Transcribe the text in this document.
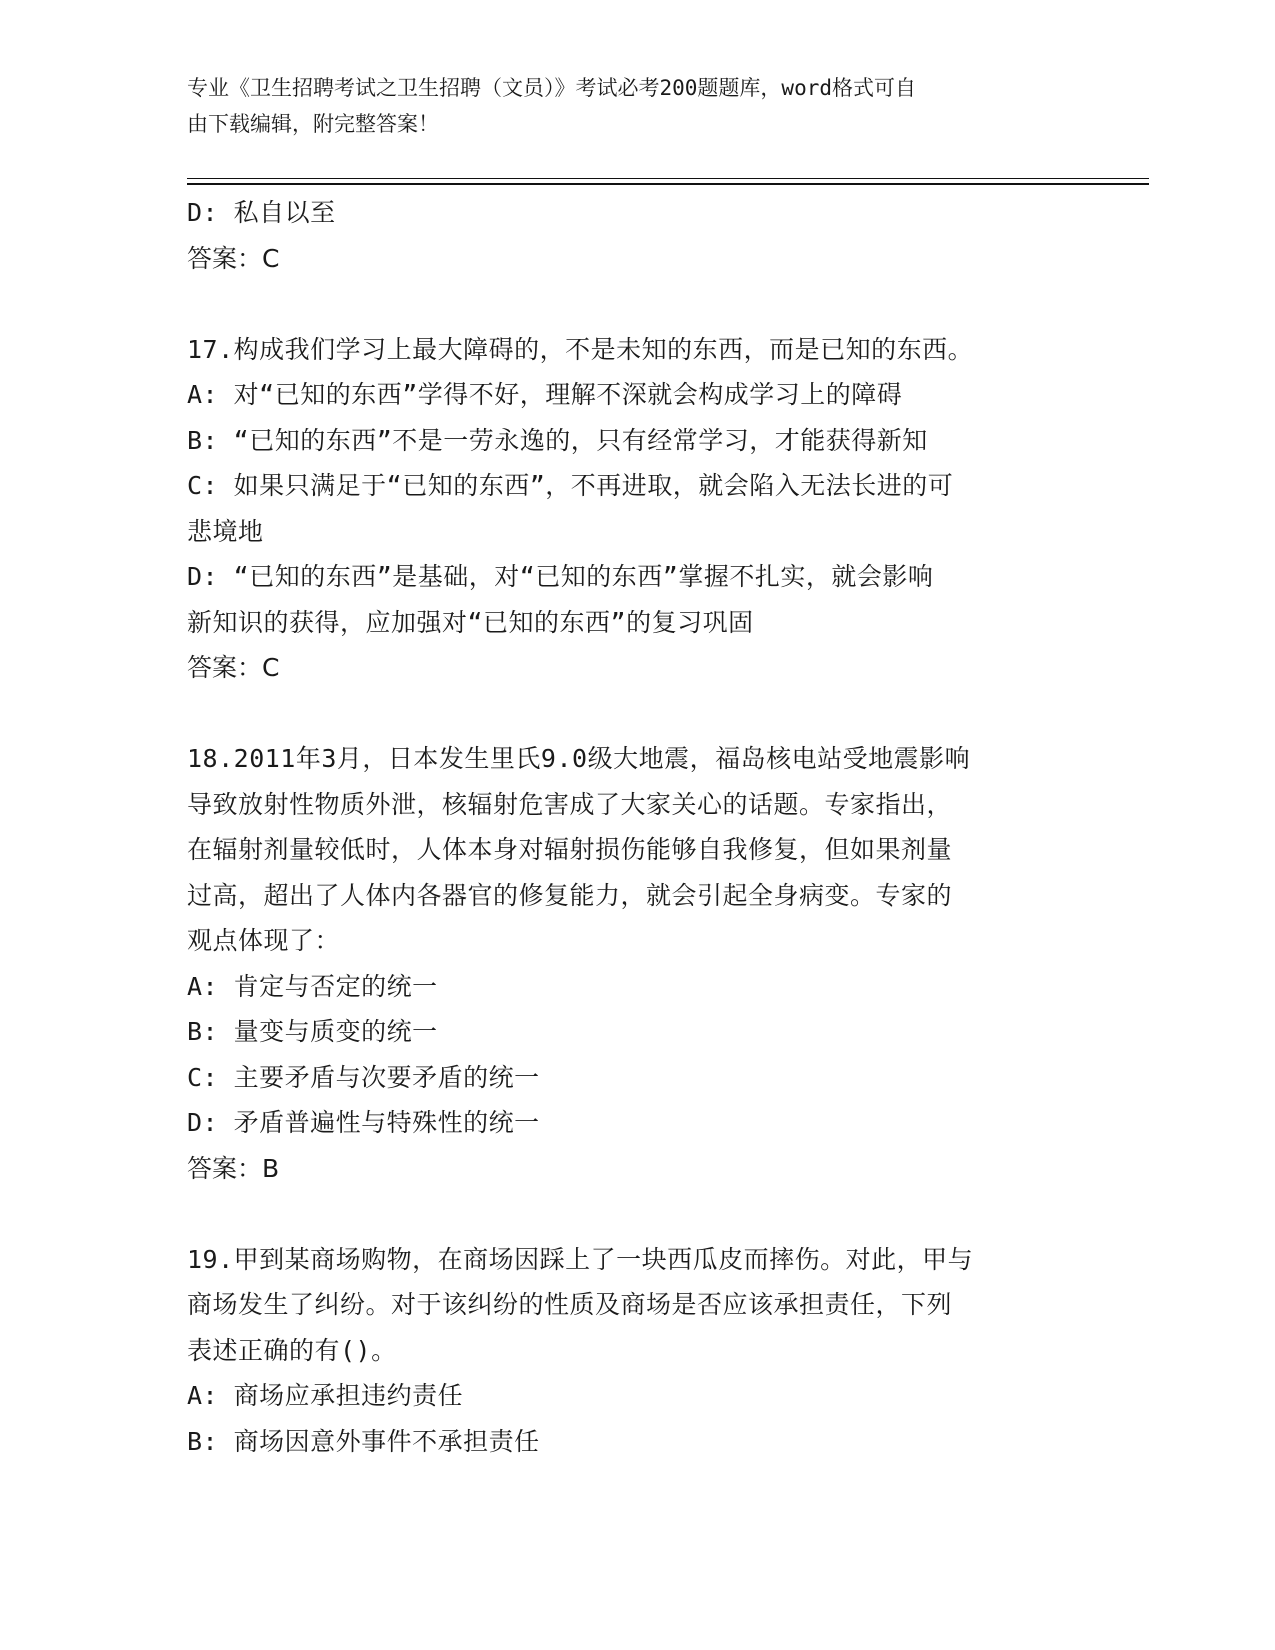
专业《卫生招聘考试之卫生招聘（文员）》考试必考200题题库，word格式可自
由下载编辑，附完整答案！

D: 私自以至

答案：C

17.构成我们学习上最大障碍的，不是未知的东西，而是已知的东西。

A: 对“已知的东西”学得不好，理解不深就会构成学习上的障碍

B: “已知的东西”不是一劳永逸的，只有经常学习，才能获得新知

C: 如果只满足于“已知的东西”，不再进取，就会陷入无法长进的可

悲境地

D: “已知的东西”是基础，对“已知的东西”掌握不扎实，就会影响

新知识的获得，应加强对“已知的东西”的复习巩固

答案：C

18.2011年3月，日本发生里氏9.0级大地震，福岛核电站受地震影响

导致放射性物质外泄，核辐射危害成了大家关心的话题。专家指出，

在辐射剂量较低时，人体本身对辐射损伤能够自我修复，但如果剂量

过高，超出了人体内各器官的修复能力，就会引起全身病变。专家的

观点体现了：

A: 肯定与否定的统一

B: 量变与质变的统一

C: 主要矛盾与次要矛盾的统一

D: 矛盾普遍性与特殊性的统一

答案：B

19.甲到某商场购物，在商场因踩上了一块西瓜皮而摔伤。对此，甲与

商场发生了纠纷。对于该纠纷的性质及商场是否应该承担责任，下列

表述正确的有()。

A: 商场应承担违约责任

B: 商场因意外事件不承担责任
